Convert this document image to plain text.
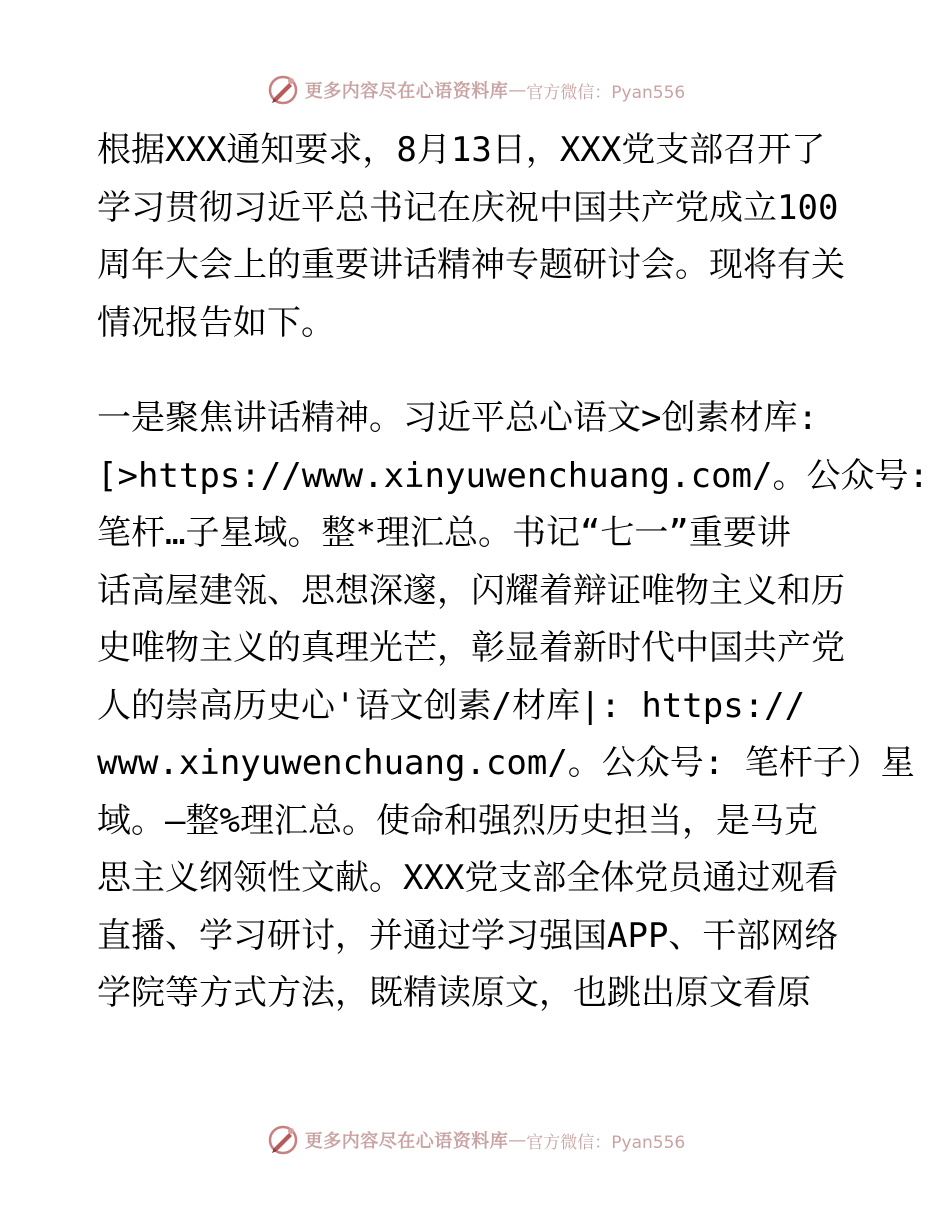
更多内容尽在心语资料库 — 官方微信：Pyan556
根据XXX通知要求，8月13日，XXX党支部召开了
学习贯彻习近平总书记在庆祝中国共产党成立100
周年大会上的重要讲话精神专题研讨会。现将有关
情况报告如下。
一是聚焦讲话精神。习近平总心语文>创素材库:
[>https://www.xinyuwenchuang.com/。公众号:
笔杆…子星域。整*理汇总。书记“七一”重要讲
话高屋建瓴、思想深邃，闪耀着辩证唯物主义和历
史唯物主义的真理光芒，彰显着新时代中国共产党
人的崇高历史心'语文创素/材库|: https://
www.xinyuwenchuang.com/。公众号: 笔杆子）星
域。—整%理汇总。使命和强烈历史担当，是马克
思主义纲领性文献。XXX党支部全体党员通过观看
直播、学习研讨，并通过学习强国APP、干部网络
学院等方式方法，既精读原文，也跳出原文看原
更多内容尽在心语资料库 — 官方微信：Pyan556
